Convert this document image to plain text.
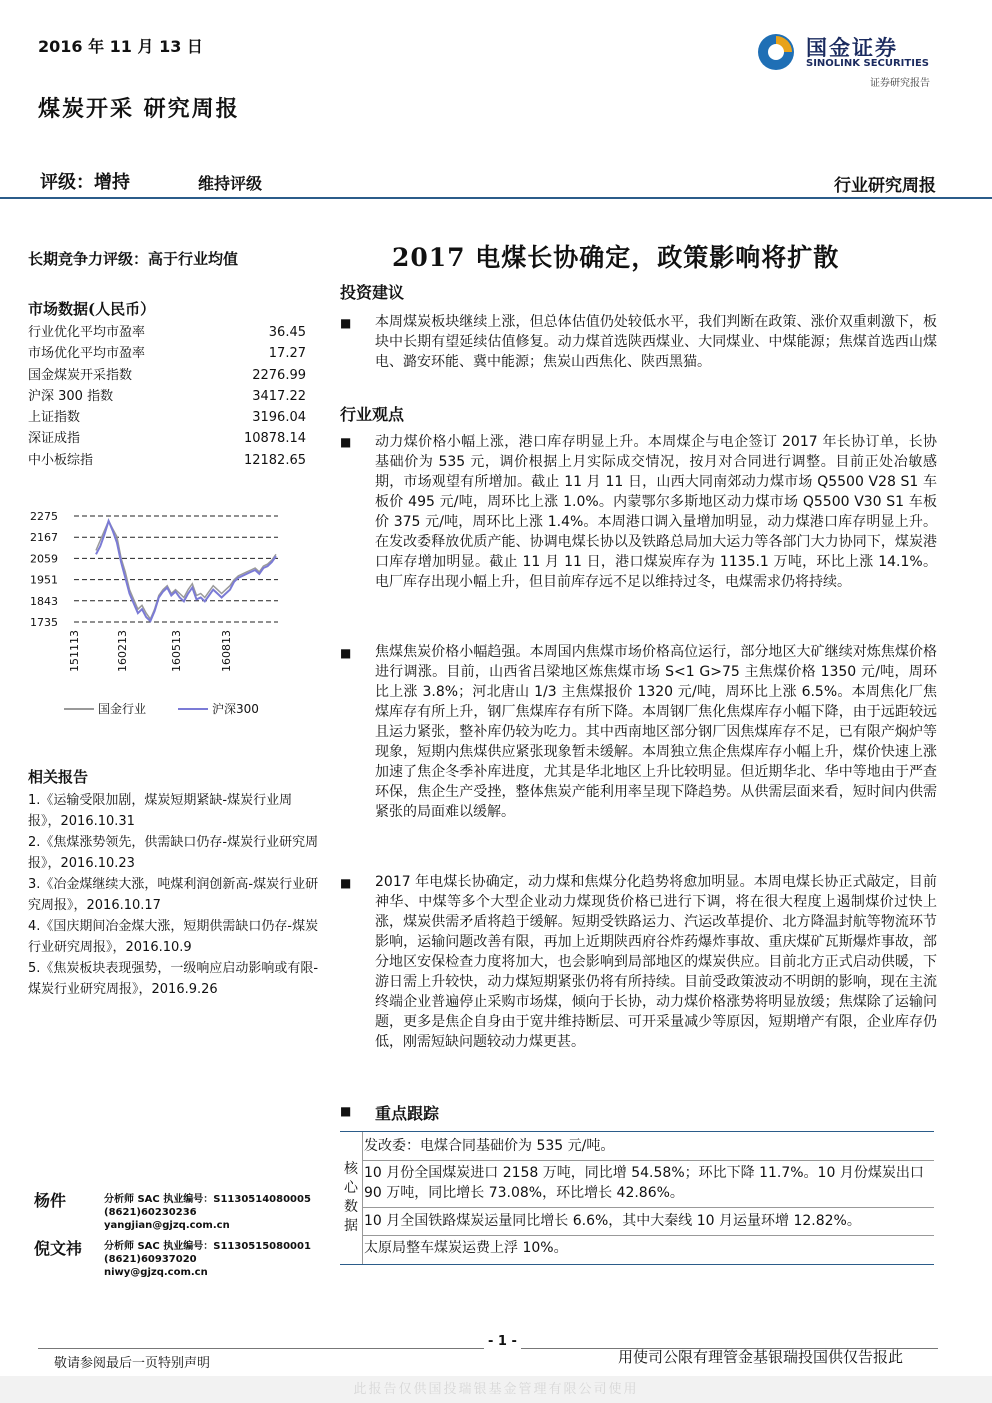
2016 年 11 月 13 日
煤炭开采 研究周报
国金证券
SINOLINK SECURITIES
证券研究报告
评级：增持	维持评级	行业研究周报
长期竞争力评级：高于行业均值
市场数据(人民币）
行业优化平均市盈率	36.45
市场优化平均市盈率	17.27
国金煤炭开采指数	2276.99
沪深 300 指数	3417.22
上证指数	3196.04
深证成指	10878.14
中小板综指	12182.65
2275
2167
2059
1951
1843
1735
151113	160213	160513	160813
国金行业	沪深300
相关报告
1.《运输受限加剧，煤炭短期紧缺-煤炭行业周报》，2016.10.31
2.《焦煤涨势领先，供需缺口仍存-煤炭行业研究周报》，2016.10.23
3.《冶金煤继续大涨，吨煤利润创新高-煤炭行业研究周报》，2016.10.17
4.《国庆期间冶金煤大涨，短期供需缺口仍存-煤炭行业研究周报》，2016.10.9
5.《焦炭板块表现强势，一级响应启动影响或有限-煤炭行业研究周报》，2016.9.26
杨件	分析师 SAC 执业编号：S1130514080005
(8621)60230236
yangjian@gjzq.com.cn
倪文祎 分析师 SAC 执业编号：S1130515080001
(8621)60937020
niwy@gjzq.com.cn
2017 电煤长协确定，政策影响将扩散
投资建议
■ 本周煤炭板块继续上涨，但总体估值仍处较低水平，我们判断在政策、涨价双重刺激下，板块中长期有望延续估值修复。动力煤首选陕西煤业、大同煤业、中煤能源；焦煤首选西山煤电、潞安环能、冀中能源；焦炭山西焦化、陕西黑猫。
行业观点
■ 动力煤价格小幅上涨，港口库存明显上升。本周煤企与电企签订 2017 年长协订单，长协基础价为 535 元，调价根据上月实际成交情况，按月对合同进行调整。目前正处冶敏感期，市场观望有所增加。截止 11 月 11 日，山西大同南郊动力煤市场 Q5500 V28 S1 车板价 495 元/吨，周环比上涨 1.0%。内蒙鄂尔多斯地区动力煤市场 Q5500 V30 S1 车板价 375 元/吨，周环比上涨 1.4%。本周港口调入量增加明显，动力煤港口库存明显上升。在发改委释放优质产能、协调电煤长协以及铁路总局加大运力等各部门大力协同下，煤炭港口库存增加明显。截止 11 月 11 日，港口煤炭库存为 1135.1 万吨，环比上涨 14.1%。电厂库存出现小幅上升，但目前库存远不足以维持过冬，电煤需求仍将持续。
■ 焦煤焦炭价格小幅趋强。本周国内焦煤市场价格高位运行，部分地区大矿继续对炼焦煤价格进行调涨。目前，山西省吕梁地区炼焦煤市场 S<1 G>75 主焦煤价格 1350 元/吨，周环比上涨 3.8%；河北唐山 1/3 主焦煤报价 1320 元/吨，周环比上涨 6.5%。本周焦化厂焦煤库存有所上升，钢厂焦煤库存有所下降。本周钢厂焦化焦煤库存小幅下降，由于远距较远且运力紧张，整补库仍较为吃力。其中西南地区部分钢厂因焦煤库存不足，已有限产焖炉等现象，短期内焦煤供应紧张现象暂未缓解。本周独立焦企焦煤库存小幅上升，煤价快速上涨加速了焦企冬季补库进度，尤其是华北地区上升比较明显。但近期华北、华中等地由于严查环保，焦企生产受挫，整体焦炭产能利用率呈现下降趋势。从供需层面来看，短时间内供需紧张的局面难以缓解。
■ 2017 年电煤长协确定，动力煤和焦煤分化趋势将愈加明显。本周电煤长协正式敲定，目前神华、中煤等多个大型企业动力煤现货价格已进行下调，将在很大程度上遏制煤价过快上涨，煤炭供需矛盾将趋于缓解。短期受铁路运力、汽运改革提价、北方降温封航等物流环节影响，运输问题改善有限，再加上近期陕西府谷炸药爆炸事故、重庆煤矿瓦斯爆炸事故，部分地区安保检查力度将加大，也会影响到局部地区的煤炭供应。目前北方正式启动供暖，下游日需上升较快，动力煤短期紧张仍将有所持续。目前受政策波动不明朗的影响，现在主流终端企业普遍停止采购市场煤，倾向于长协，动力煤价格涨势将明显放缓；焦煤除了运输问题，更多是焦企自身由于宽井维持断层、可开采量减少等原因，短期增产有限，企业库存仍低，刚需短缺问题较动力煤更甚。
■ 重点跟踪
核
心
数
据
发改委：电煤合同基础价为 535 元/吨。
10 月份全国煤炭进口 2158 万吨，同比增 54.58%；环比下降 11.7%。10 月份煤炭出口 90 万吨，同比增长 73.08%，环比增长 42.86%。
10 月全国铁路煤炭运量同比增长 6.6%，其中大秦线 10 月运量环增 12.82%。
太原局整车煤炭运费上浮 10%。
- 1 -
敬请参阅最后一页特别声明	用使司公限有理管金基银瑞投国供仅告报此
此报告仅供国投瑞银基金管理有限公司使用
